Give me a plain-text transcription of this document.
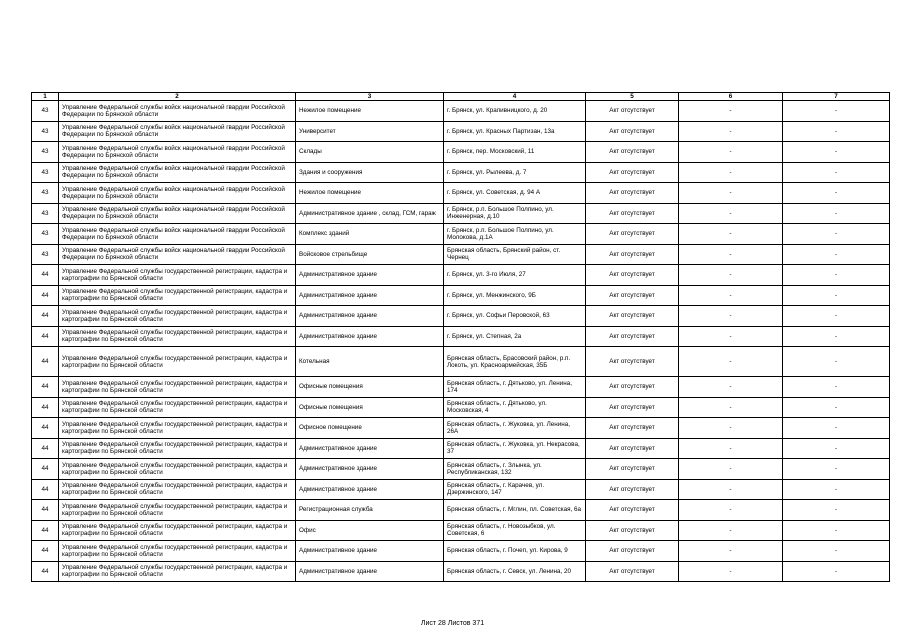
1	2	3	4	5	6	7
43	Управление Федеральной службы войск национальной гвардии Российской Федерации по Брянской области	Нежилое помещение	г. Брянск, ул. Крапивницкого, д. 20	Акт отсутствует	-	-
43	Управление Федеральной службы войск национальной гвардии Российской Федерации по Брянской области	Университет	г. Брянск, ул. Красных Партизан, 13а	Акт отсутствует	-	-
43	Управление Федеральной службы войск национальной гвардии Российской Федерации по Брянской области	Склады	г. Брянск, пер. Московский, 11	Акт отсутствует	-	-
43	Управление Федеральной службы войск национальной гвардии Российской Федерации по Брянской области	Здания и сооружения	г. Брянск, ул. Рылеева, д. 7	Акт отсутствует	-	-
43	Управление Федеральной службы войск национальной гвардии Российской Федерации по Брянской области	Нежилое помещение	г. Брянск, ул. Советская, д. 94 А	Акт отсутствует	-	-
43	Управление Федеральной службы войск национальной гвардии Российской Федерации по Брянской области	Административное здание , склад, ГСМ, гараж	г. Брянск, р.п. Большое Полпино, ул. Инженерная, д.10	Акт отсутствует	-	-
43	Управление Федеральной службы войск национальной гвардии Российской Федерации по Брянской области	Комплекс зданий	г. Брянск, р.п. Большое Полпино, ул. Молокова, д.1А	Акт отсутствует	-	-
43	Управление Федеральной службы войск национальной гвардии Российской Федерации по Брянской области	Войсковое стрельбище	Брянская область, Брянский район, ст. Чернец	Акт отсутствует	-	-
44	Управление Федеральной службы государственной регистрации, кадастра и картографии по Брянской области	Административное здание	г. Брянск, ул. 3-го Июля, 27	Акт отсутствует	-	-
44	Управление Федеральной службы государственной регистрации, кадастра и картографии по Брянской области	Административное здание	г. Брянск, ул. Менжинского, 9Б	Акт отсутствует	-	-
44	Управление Федеральной службы государственной регистрации, кадастра и картографии по Брянской области	Административное здание	г. Брянск, ул. Софьи Перовской, 63	Акт отсутствует	-	-
44	Управление Федеральной службы государственной регистрации, кадастра и картографии по Брянской области	Административное здание	г. Брянск, ул. Степная, 2а	Акт отсутствует	-	-
44	Управление Федеральной службы государственной регистрации, кадастра и картографии по Брянской области	Котельная	Брянская область, Брасовский район, р.п. Локоть, ул. Красноармейская, 35Б	Акт отсутствует	-	-
44	Управление Федеральной службы государственной регистрации, кадастра и картографии по Брянской области	Офисные помещения	Брянская область, г. Дятьково, ул. Ленина, 174	Акт отсутствует	-	-
44	Управление Федеральной службы государственной регистрации, кадастра и картографии по Брянской области	Офисные помещения	Брянская область, г. Дятьково, ул. Московская, 4	Акт отсутствует	-	-
44	Управление Федеральной службы государственной регистрации, кадастра и картографии по Брянской области	Офисное помещение	Брянская область, г. Жуковка, ул. Ленина, 26А	Акт отсутствует	-	-
44	Управление Федеральной службы государственной регистрации, кадастра и картографии по Брянской области	Административное здание	Брянская область, г. Жуковка, ул. Некрасова, 37	Акт отсутствует	-	-
44	Управление Федеральной службы государственной регистрации, кадастра и картографии по Брянской области	Административное здание	Брянская область, г. Злынка, ул. Республиканская, 132	Акт отсутствует	-	-
44	Управление Федеральной службы государственной регистрации, кадастра и картографии по Брянской области	Административное здание	Брянская область, г. Карачев, ул. Дзержинского, 147	Акт отсутствует	-	-
44	Управление Федеральной службы государственной регистрации, кадастра и картографии по Брянской области	Регистрационная служба	Брянская область, г. Мглин, пл. Советская, 6а	Акт отсутствует	-	-
44	Управление Федеральной службы государственной регистрации, кадастра и картографии по Брянской области	Офис	Брянская область, г. Новозыбков, ул. Советская, 6	Акт отсутствует	-	-
44	Управление Федеральной службы государственной регистрации, кадастра и картографии по Брянской области	Административное здание	Брянская область, г. Почеп, ул. Кирова, 9	Акт отсутствует	-	-
44	Управление Федеральной службы государственной регистрации, кадастра и картографии по Брянской области	Административное здание	Брянская область, г. Севск, ул. Ленина, 20	Акт отсутствует	-	-
Лист 28 Листов 371
